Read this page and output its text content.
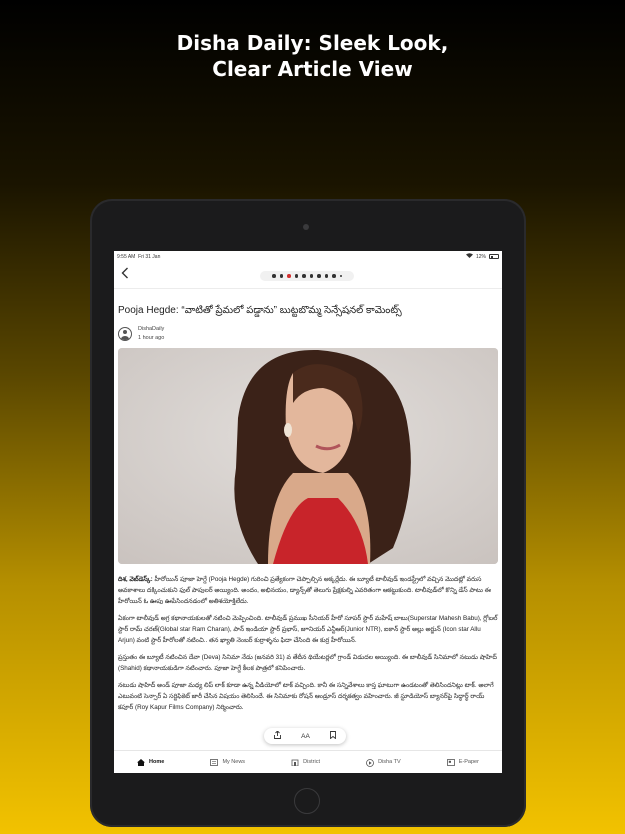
Disha Daily: Sleek Look,
Clear Article View
9:55 AM Fri 31 Jan	12%
Pooja Hegde: “వాటితో ప్రేమలో పడ్డాను” బుట్టబొమ్మ సెన్సేషనల్ కామెంట్స్
DishaDaily
1 hour ago

దిశ, వెబ్‌డెస్క్: హీరోయిన్ పూజా హెగ్డే (Pooja Hegde) గురించి ప్రత్యేకంగా చెప్పాల్సిన అక్కర్లేదు. ఈ బ్యూటీ టాలీవుడ్ ఇండస్ట్రీలో వచ్చిన మొదట్లో వరుస అవకాశాలు దక్కించుకుని ఫుల్ పాపులర్ అయ్యింది. అందం, అభినయం, డ్యాన్స్‌తో తెలుగు ప్రేక్షకుల్ని ఎవరితంగా ఆకట్టుకుంది. టాలీవుడ్‌లో కొన్ని డేస్ పాటు ఈ హీరోయిన్ ఓ ఊపు ఊపేసిందనడంలో అతిశయోక్తిలేదు.

ఏకంగా టాలీవుడ్ అగ్ర కథానాయకులతో నటించి మెప్పించింది. టాలీవుడ్ ప్రముఖ సీనియర్ హీరో సూపర్ స్టార్ మహేష్ బాబు(Superstar Mahesh Babu), గ్లోబల్ స్టార్ రామ్ చరణ్(Global star Ram Charan), పాన్ ఇండియా స్టార్ ప్రభాస్, జూనియర్ ఎన్టీఆర్(Junior NTR), ఐకాన్ స్టార్ అల్లు అర్జున్ (Icon star Allu Arjun) వంటి స్టార్ హీరోలతో నటించి.. తన ఖ్యాతి నెంబర్ కుర్రాళ్ళను ఫిదా చేసింది ఈ కుర్ర హీరోయిన్.

ప్రస్తుతం ఈ బ్యూటీ నటించిన దేవా (Deva) సినిమా నేడు (జనవరి 31) వ తేదీన థియేటర్లలో గ్రాండ్ విడుదల అయ్యింది. ఈ బాలీవుడ్ సినిమాలో నటుడు షాహిద్ (Shahid) కథానాయకుడిగా నటించారు. పూజా హెగ్డే కీలక పాత్రలో కనిపించారు.

నటుడు షాహిద్ అండ్ పూజా మధ్య లిప్ లాక్ కూడా ఉన్న వీడియోలో టాక్ వచ్చింది. కానీ ఈ సన్నివేశాలు కాస్త ఘాటుగా ఉండటంతో తెలిసిందనిట్లు టాక్. అలాగే ఎటువంటి సెన్సార్ ఏ సర్టిఫికెట్ జారీ చేసిన విషయం తెలిసిందే. ఈ సినిమాకు రోషన్ ఆండ్రూస్ దర్శకత్వం వహించారు. జీ స్టూడియోస్ బ్యానర్‌పై సిద్ధార్థ్ రాయ్ కపూర్ (Roy Kapur Films Company) నిర్మించారు.

AA
Home	My News	District	Disha TV	E-Paper
